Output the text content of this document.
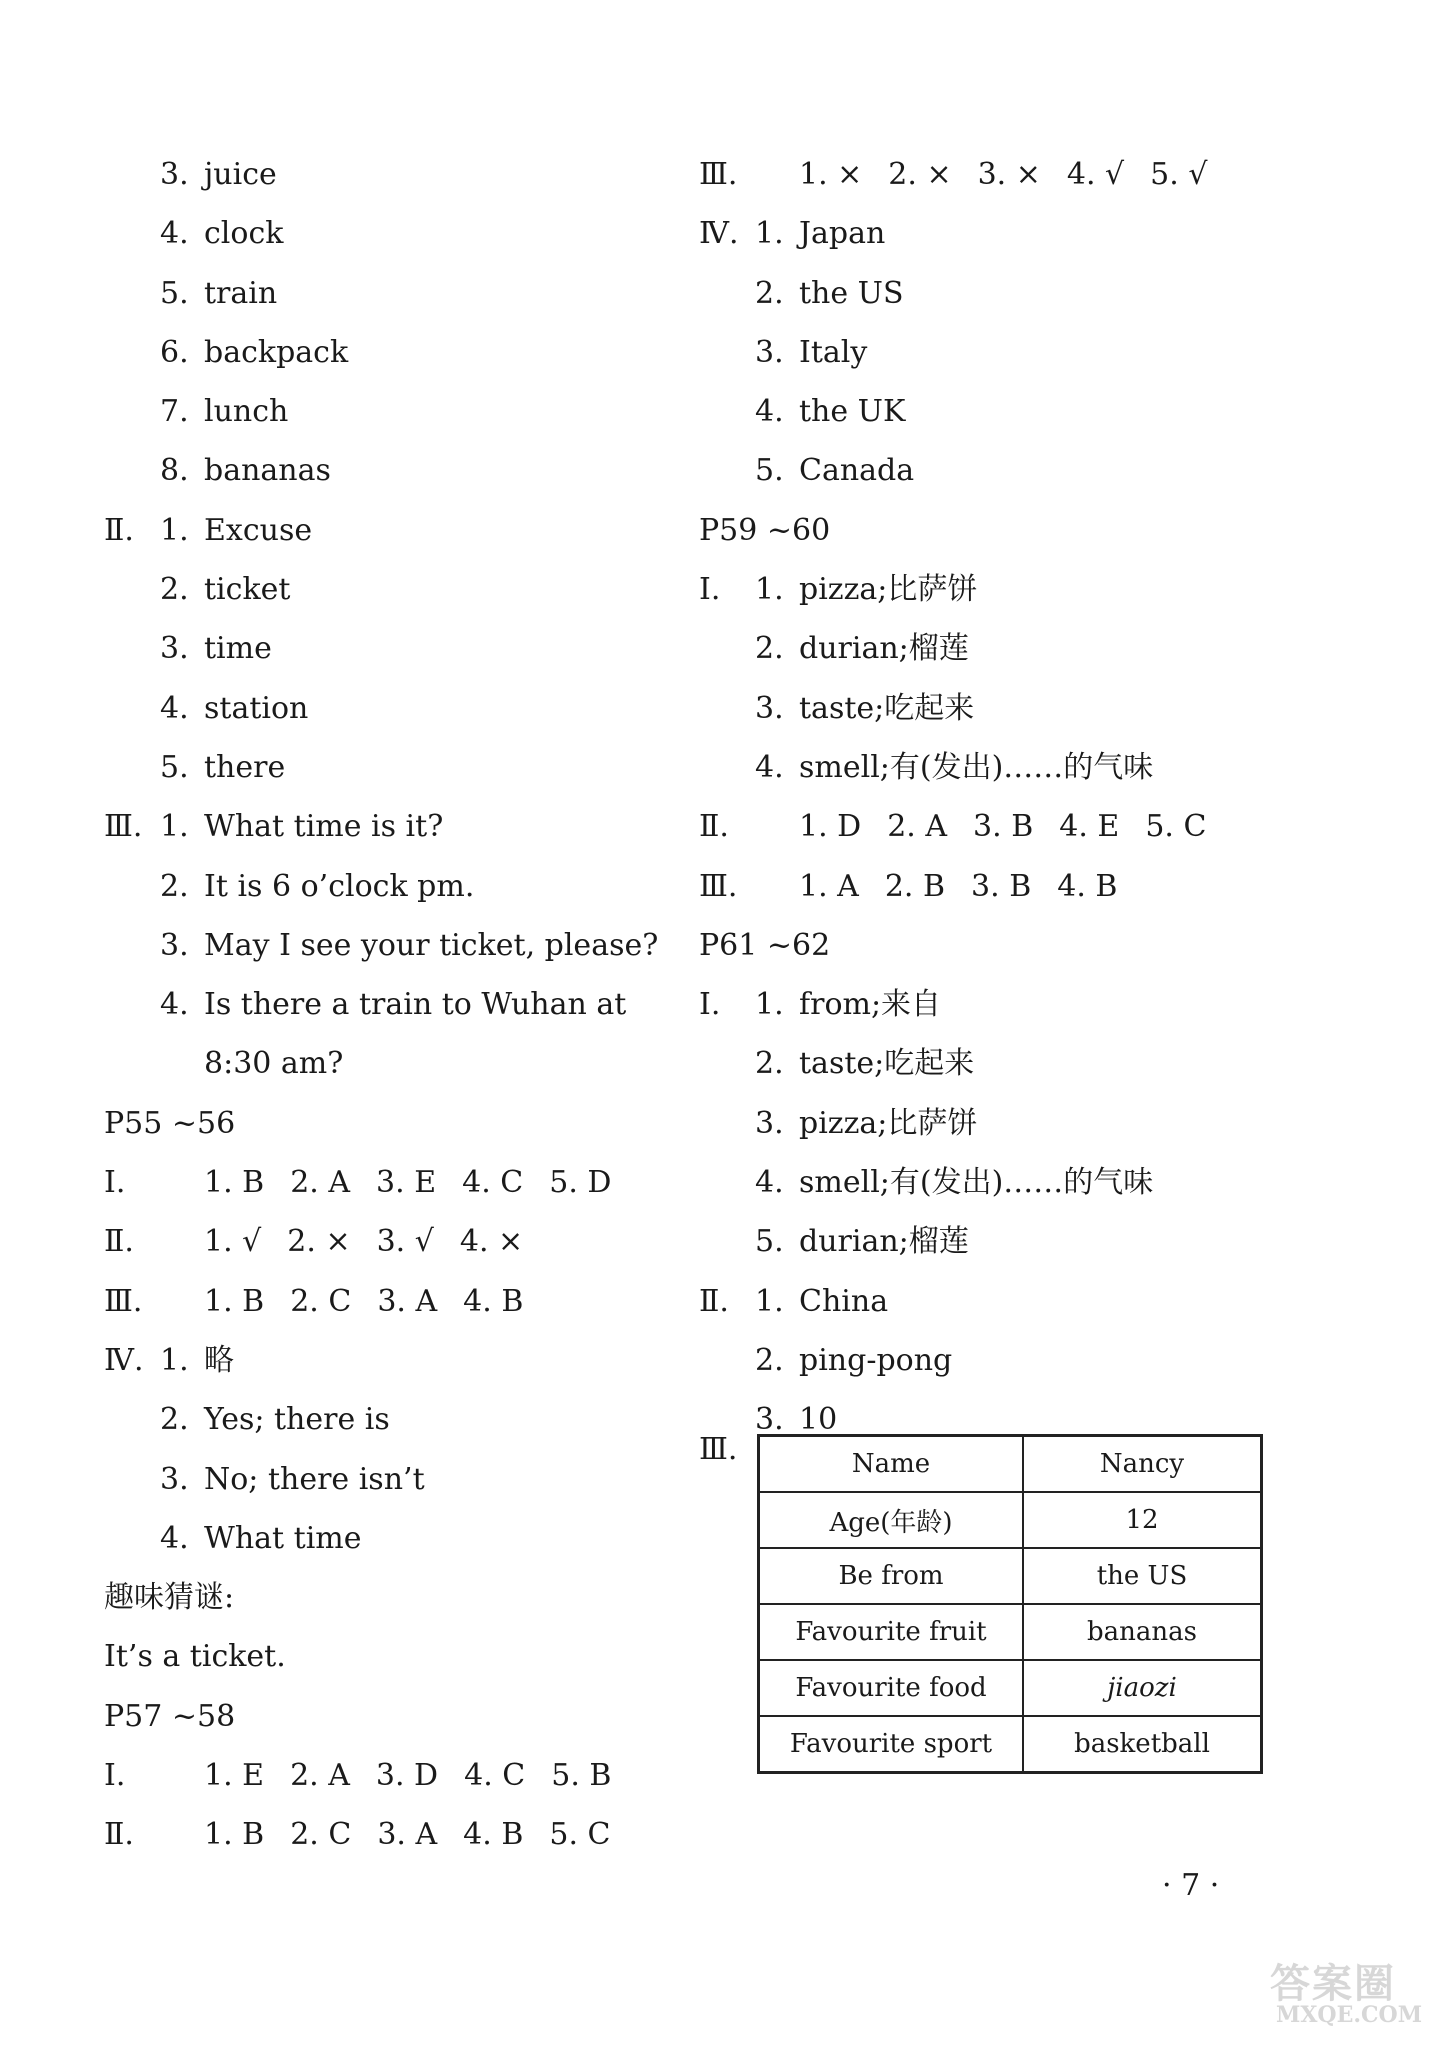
3. juice
4. clock
5. train
6. backpack
7. lunch
8. bananas
Ⅱ. 1. Excuse
2. ticket
3. time
4. station
5. there
Ⅲ. 1. What time is it?
2. It is 6 o’clock pm.
3. May I see your ticket, please?
4. Is there a train to Wuhan at
8:30 am?
P55 ~56
Ⅰ.	1. B 2. A 3. E 4. C 5. D
Ⅱ.	1. √ 2. × 3. √ 4. ×
Ⅲ.	1. B 2. C 3. A 4. B
Ⅳ. 1. 略
2. Yes; there is
3. No; there isn’t
4. What time
趣味猜谜:
It’s a ticket.
P57 ~58
Ⅰ.	1. E 2. A 3. D 4. C 5. B
Ⅱ.	1. B 2. C 3. A 4. B 5. C
Ⅲ.	1. × 2. × 3. × 4. √ 5. √
Ⅳ. 1. Japan
2. the US
3. Italy
4. the UK
5. Canada
P59 ~60
Ⅰ.	1. pizza;比萨饼
2. durian;榴莲
3. taste;吃起来
4. smell;有(发出)……的气味
Ⅱ.	1. D 2. A 3. B 4. E 5. C
Ⅲ.	1. A 2. B 3. B 4. B
P61 ~62
Ⅰ.	1. from;来自
2. taste;吃起来
3. pizza;比萨饼
4. smell;有(发出)……的气味
5. durian;榴莲
Ⅱ. 1. China
2. ping-pong
3. 10
Ⅲ.	Name	Nancy
Age(年龄)	12
Be from	the US
Favourite fruit	bananas
Favourite food	jiaozi
Favourite sport	basketball
· 7 ·
答案圈
MXQE.COM
